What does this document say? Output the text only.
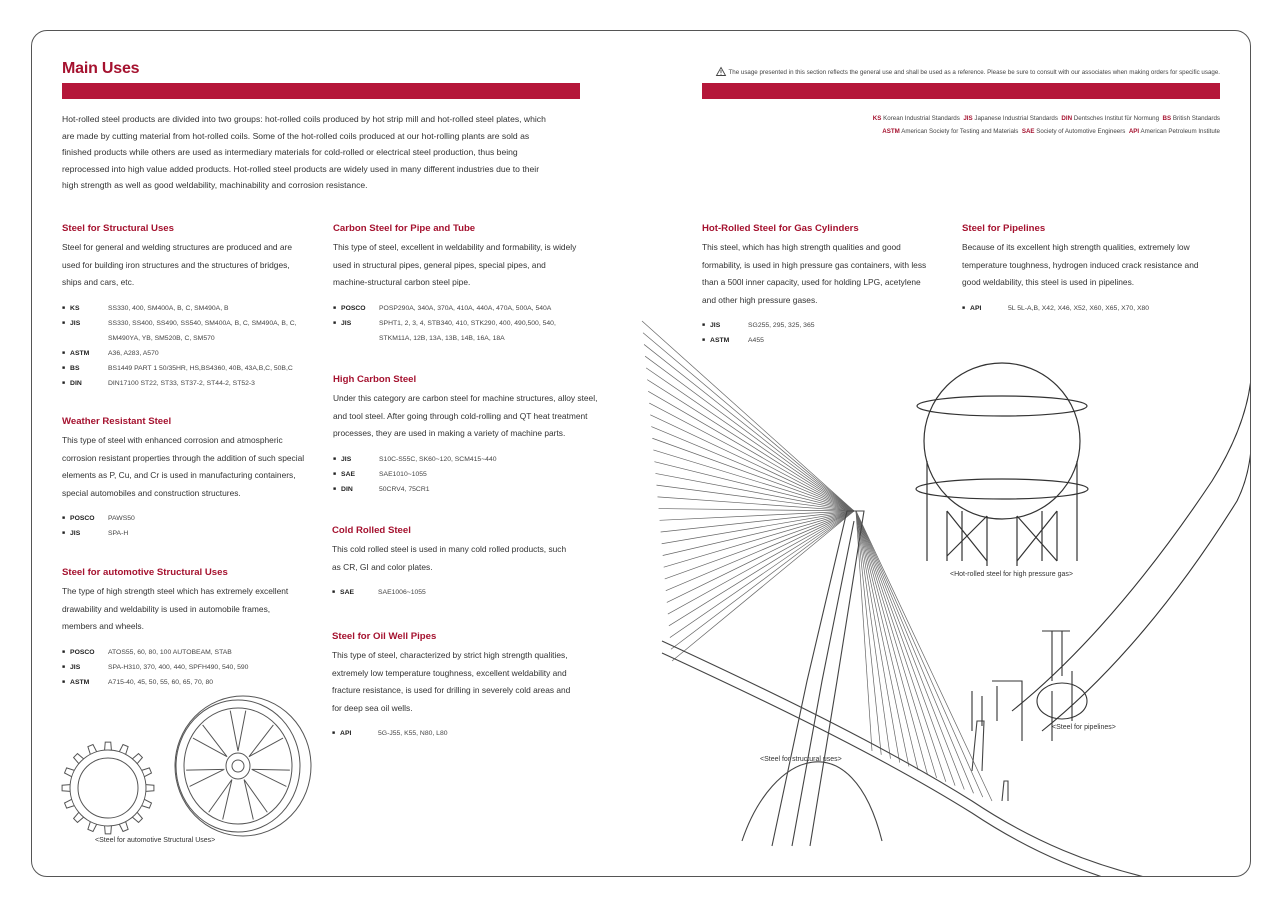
Main Uses	The usage presented in this section reflects the general use and shall be used as a reference. Please be sure to consult with our associates when making orders for specific usage.
KS Korean Industrial Standards JIS Japanese Industrial Standards DIN Dentsches Institut für Normung BS British Standards
ASTM American Society for Testing and Materials SAE Society of Automotive Engineers API American Petroleum Institute
Hot-rolled steel products are divided into two groups: hot-rolled coils produced by hot strip mill and hot-rolled steel plates, which are made by cutting material from hot-rolled coils. Some of the hot-rolled coils produced at our hot-rolling plants are sold as finished products while others are used as intermediary materials for cold-rolled or electrical steel production, thus being reprocessed into high value added products. Hot-rolled steel products are widely used in many different industries due to their high strength as well as good weldability, machinability and corrosion resistance.
Steel for Structural Uses
Steel for general and welding structures are produced and are used for building iron structures and the structures of bridges, ships and cars, etc.
■ KS	SS330, 400, SM400A, B, C, SM490A, B
■ JIS	SS330, SS400, SS490, SS540, SM400A, B, C, SM490A, B, C, SM490YA, YB, SM520B, C, SM570
■ ASTM	A36, A283, A570
■ BS	BS1449 PART 1 50/35HR, HS,BS4360, 40B, 43A,B,C, 50B,C
■ DIN	DIN17100 ST22, ST33, ST37-2, ST44-2, ST52-3
Weather Resistant Steel
This type of steel with enhanced corrosion and atmospheric corrosion resistant properties through the addition of such special elements as P, Cu, and Cr is used in manufacturing containers, special automobiles and construction structures.
■ POSCO	PAWS50
■ JIS	SPA-H
Steel for automotive Structural Uses
The type of high strength steel which has extremely excellent drawability and weldability is used in automobile frames, members and wheels.
■ POSCO	ATOS55, 60, 80, 100 AUTOBEAM, STAB
■ JIS	SPA-H310, 370, 400, 440, SPFH490, 540, 590
■ ASTM	A715-40, 45, 50, 55, 60, 65, 70, 80
Carbon Steel for Pipe and Tube
This type of steel, excellent in weldability and formability, is widely used in structural pipes, general pipes, special pipes, and machine-structural carbon steel pipe.
■ POSCO	POSP290A, 340A, 370A, 410A, 440A, 470A, 500A, 540A
■ JIS	SPHT1, 2, 3, 4, STB340, 410, STK290, 400, 490,500, 540, STKM11A, 12B, 13A, 13B, 14B, 16A, 18A
High Carbon Steel
Under this category are carbon steel for machine structures, alloy steel, and tool steel. After going through cold-rolling and QT heat treatment processes, they are used in making a variety of machine parts.
■ JIS	S10C-S55C, SK60~120, SCM415~440
■ SAE	SAE1010~1055
■ DIN	50CRV4, 75CR1
Cold Rolled Steel
This cold rolled steel is used in many cold rolled products, such as CR, GI and color plates.
■ SAE	SAE1006~1055
Steel for Oil Well Pipes
This type of steel, characterized by strict high strength qualities, extremely low temperature toughness, excellent weldability and fracture resistance, is used for drilling in severely cold areas and for deep sea oil wells.
■ API	5G-J55, K55, N80, L80
Hot-Rolled Steel for Gas Cylinders
This steel, which has high strength qualities and good formability, is used in high pressure gas containers, with less than a 500l inner capacity, used for holding LPG, acetylene and other high pressure gases.
■ JIS	SG255, 295, 325, 365
■ ASTM	A455
Steel for Pipelines
Because of its excellent high strength qualities, extremely low temperature toughness, hydrogen induced crack resistance and good weldability, this steel is used in pipelines.
■ API	5L 5L-A,B, X42, X46, X52, X60, X65, X70, X80
<Steel for automotive Structural Uses>
<Steel for structural uses>
<Hot-rolled steel for high pressure gas>
<Steel for pipelines>
